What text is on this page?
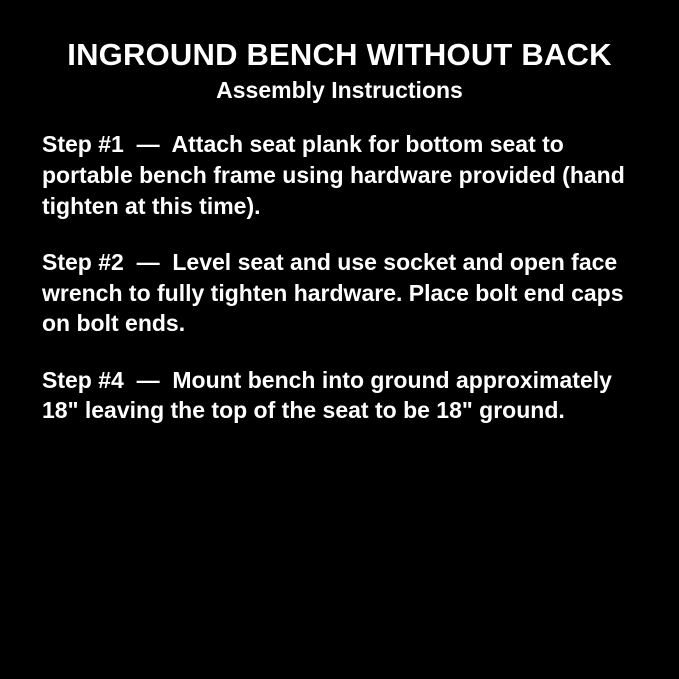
INGROUND BENCH WITHOUT BACK
Assembly Instructions

Step #1  —  Attach seat plank for bottom seat to portable bench frame using hardware provided (hand tighten at this time).

Step #2  —  Level seat and use socket and open face wrench to fully tighten hardware. Place bolt end caps on bolt ends.

Step #4  —  Mount bench into ground approximately 18" leaving the top of the seat to be 18" ground.
